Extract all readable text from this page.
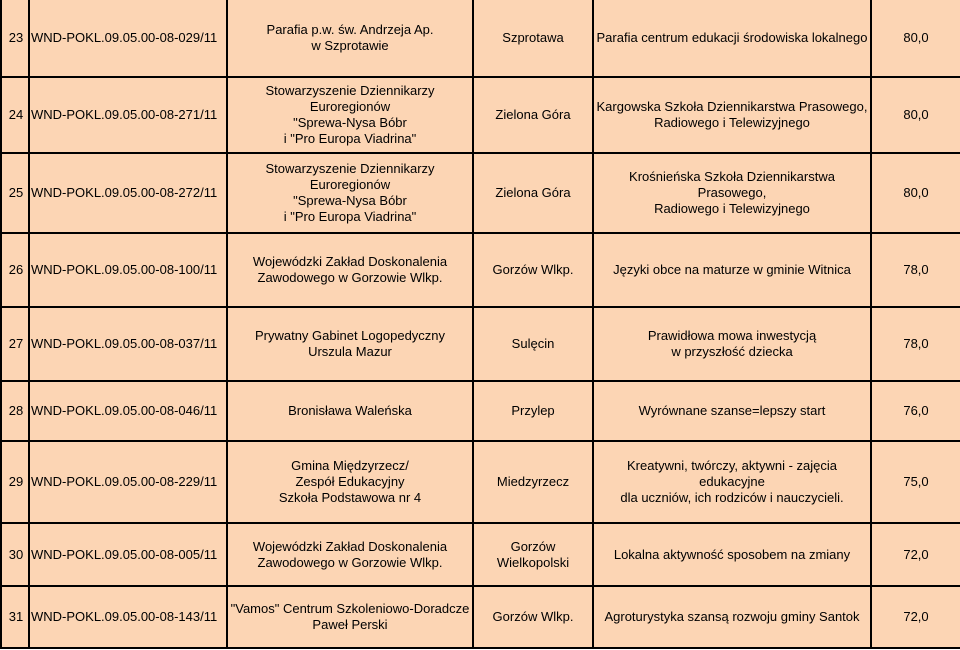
23	WND-POKL.09.05.00-08-029/11	Parafia p.w. św. Andrzeja Ap.
w Szprotawie	Szprotawa	Parafia centrum edukacji środowiska lokalnego	80,0
24	WND-POKL.09.05.00-08-271/11	Stowarzyszenie Dziennikarzy Euroregionów
"Sprewa-Nysa Bóbr
i "Pro Europa Viadrina"	Zielona Góra	Kargowska Szkoła Dziennikarstwa Prasowego,
Radiowego i Telewizyjnego	80,0
25	WND-POKL.09.05.00-08-272/11	Stowarzyszenie Dziennikarzy Euroregionów
"Sprewa-Nysa Bóbr
i "Pro Europa Viadrina"	Zielona Góra	Krośnieńska Szkoła Dziennikarstwa Prasowego,
Radiowego i Telewizyjnego	80,0
26	WND-POKL.09.05.00-08-100/11	Wojewódzki Zakład Doskonalenia
Zawodowego w Gorzowie Wlkp.	Gorzów Wlkp.	Języki obce na maturze w gminie Witnica	78,0
27	WND-POKL.09.05.00-08-037/11	Prywatny Gabinet Logopedyczny
Urszula Mazur	Sulęcin	Prawidłowa mowa inwestycją
w przyszłość dziecka	78,0
28	WND-POKL.09.05.00-08-046/11	Bronisława Waleńska	Przylep	Wyrównane szanse=lepszy start	76,0
29	WND-POKL.09.05.00-08-229/11	Gmina Międzyrzecz/
Zespół Edukacyjny
Szkoła Podstawowa nr 4	Miedzyrzecz	Kreatywni, twórczy, aktywni - zajęcia edukacyjne
dla uczniów, ich rodziców i nauczycieli.	75,0
30	WND-POKL.09.05.00-08-005/11	Wojewódzki Zakład Doskonalenia
Zawodowego w Gorzowie Wlkp.	Gorzów
Wielkopolski	Lokalna aktywność sposobem na zmiany	72,0
31	WND-POKL.09.05.00-08-143/11	"Vamos" Centrum Szkoleniowo-Doradcze
Paweł Perski	Gorzów Wlkp.	Agroturystyka szansą rozwoju gminy Santok	72,0
